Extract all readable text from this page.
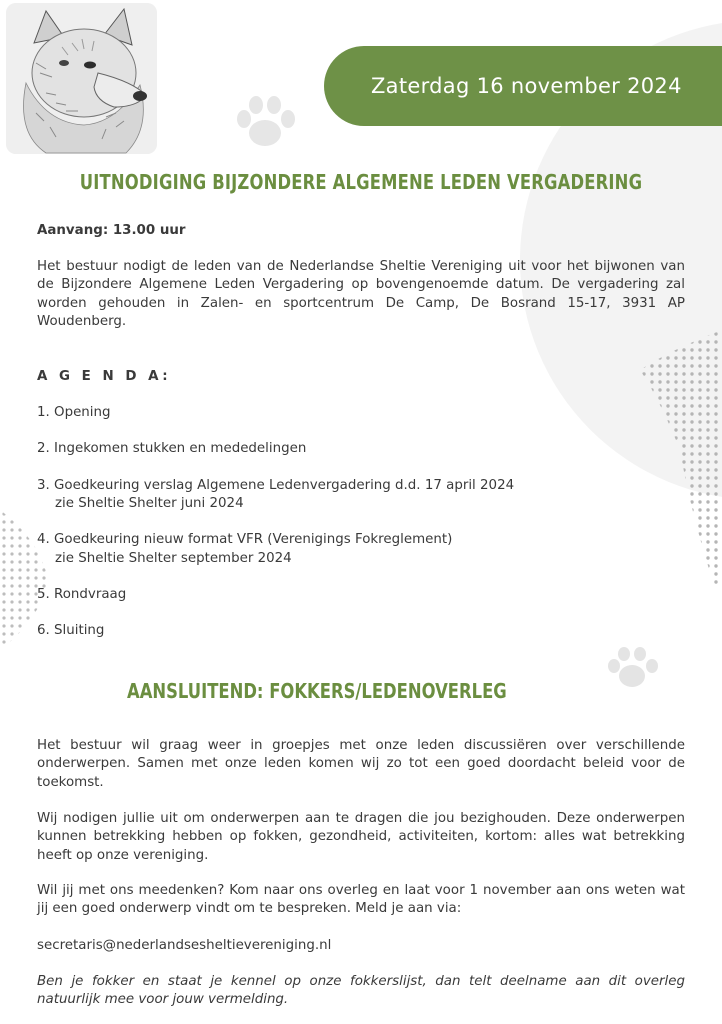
Zaterdag 16 november 2024
UITNODIGING BIJZONDERE ALGEMENE LEDEN VERGADERING
Aanvang: 13.00 uur
Het bestuur nodigt de leden van de Nederlandse Sheltie Vereniging uit voor het bijwonen van de Bijzondere Algemene Leden Vergadering op bovengenoemde datum. De vergadering zal worden gehouden in Zalen- en sportcentrum De Camp, De Bosrand 15-17, 3931 AP Woudenberg.
A G E N D A:
1. Opening
2. Ingekomen stukken en mededelingen
3. Goedkeuring verslag Algemene Ledenvergadering d.d. 17 april 2024
zie Sheltie Shelter juni 2024
4. Goedkeuring nieuw format VFR (Verenigings Fokreglement)
zie Sheltie Shelter september 2024
5. Rondvraag
6. Sluiting
AANSLUITEND: FOKKERS/LEDENOVERLEG
Het bestuur wil graag weer in groepjes met onze leden discussiëren over verschillende onderwerpen. Samen met onze leden komen wij zo tot een goed doordacht beleid voor de toekomst.
Wij nodigen jullie uit om onderwerpen aan te dragen die jou bezighouden. Deze onderwerpen kunnen betrekking hebben op fokken, gezondheid, activiteiten, kortom: alles wat betrekking heeft op onze vereniging.
Wil jij met ons meedenken? Kom naar ons overleg en laat voor 1 november aan ons weten wat jij een goed onderwerp vindt om te bespreken. Meld je aan via:
secretaris@nederlandsesheltievereniging.nl
Ben je fokker en staat je kennel op onze fokkerslijst, dan telt deelname aan dit overleg natuurlijk mee voor jouw vermelding.
